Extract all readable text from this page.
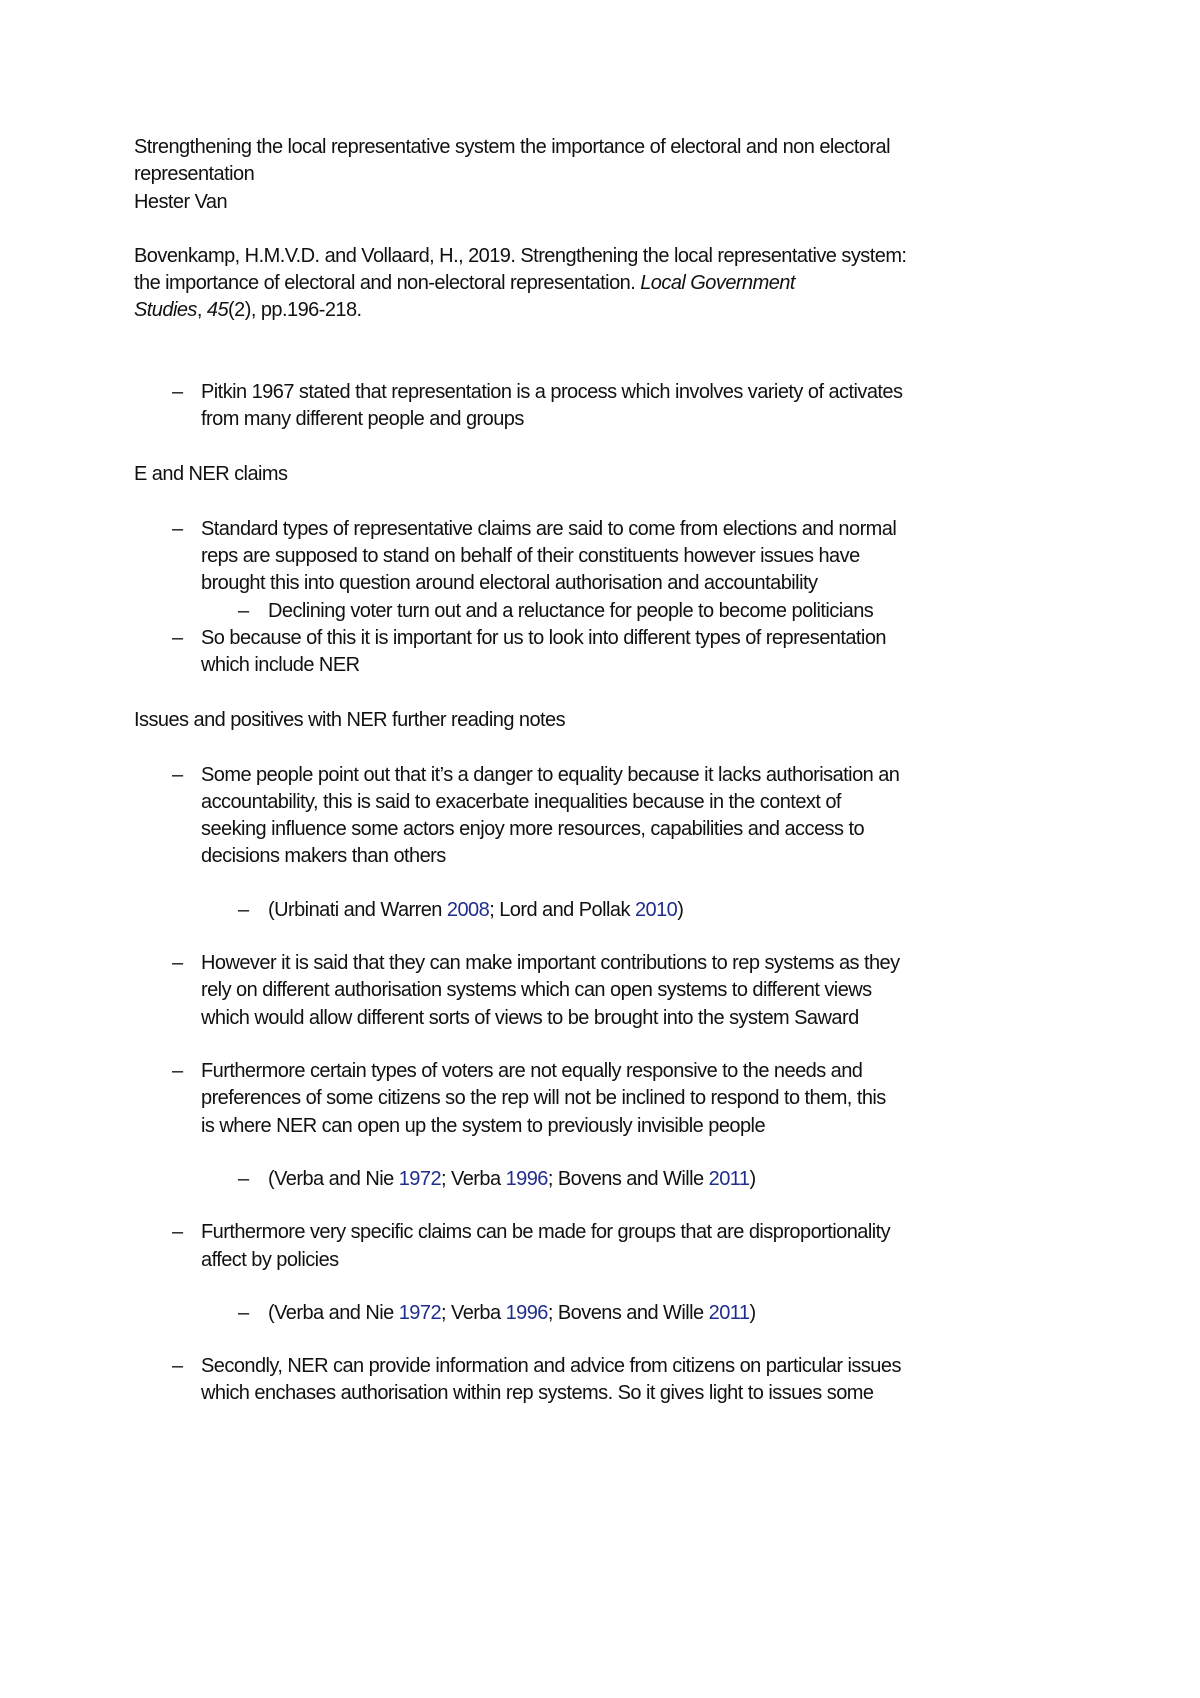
Strengthening the local representative system the importance of electoral and non electoral
representation
Hester Van
Bovenkamp, H.M.V.D. and Vollaard, H., 2019. Strengthening the local representative system:
the importance of electoral and non-electoral representation. Local Government
Studies, 45(2), pp.196-218.
– Pitkin 1967 stated that representation is a process which involves variety of activates
from many different people and groups
E and NER claims
– Standard types of representative claims are said to come from elections and normal
reps are supposed to stand on behalf of their constituents however issues have
brought this into question around electoral authorisation and accountability
– Declining voter turn out and a reluctance for people to become politicians
– So because of this it is important for us to look into different types of representation
which include NER
Issues and positives with NER further reading notes
– Some people point out that it’s a danger to equality because it lacks authorisation an
accountability, this is said to exacerbate inequalities because in the context of
seeking influence some actors enjoy more resources, capabilities and access to
decisions makers than others
– (Urbinati and Warren 2008; Lord and Pollak 2010)
– However it is said that they can make important contributions to rep systems as they
rely on different authorisation systems which can open systems to different views
which would allow different sorts of views to be brought into the system Saward
– Furthermore certain types of voters are not equally responsive to the needs and
preferences of some citizens so the rep will not be inclined to respond to them, this
is where NER can open up the system to previously invisible people
– (Verba and Nie 1972; Verba 1996; Bovens and Wille 2011)
– Furthermore very specific claims can be made for groups that are disproportionality
affect by policies
– (Verba and Nie 1972; Verba 1996; Bovens and Wille 2011)
– Secondly, NER can provide information and advice from citizens on particular issues
which enchases authorisation within rep systems. So it gives light to issues some
